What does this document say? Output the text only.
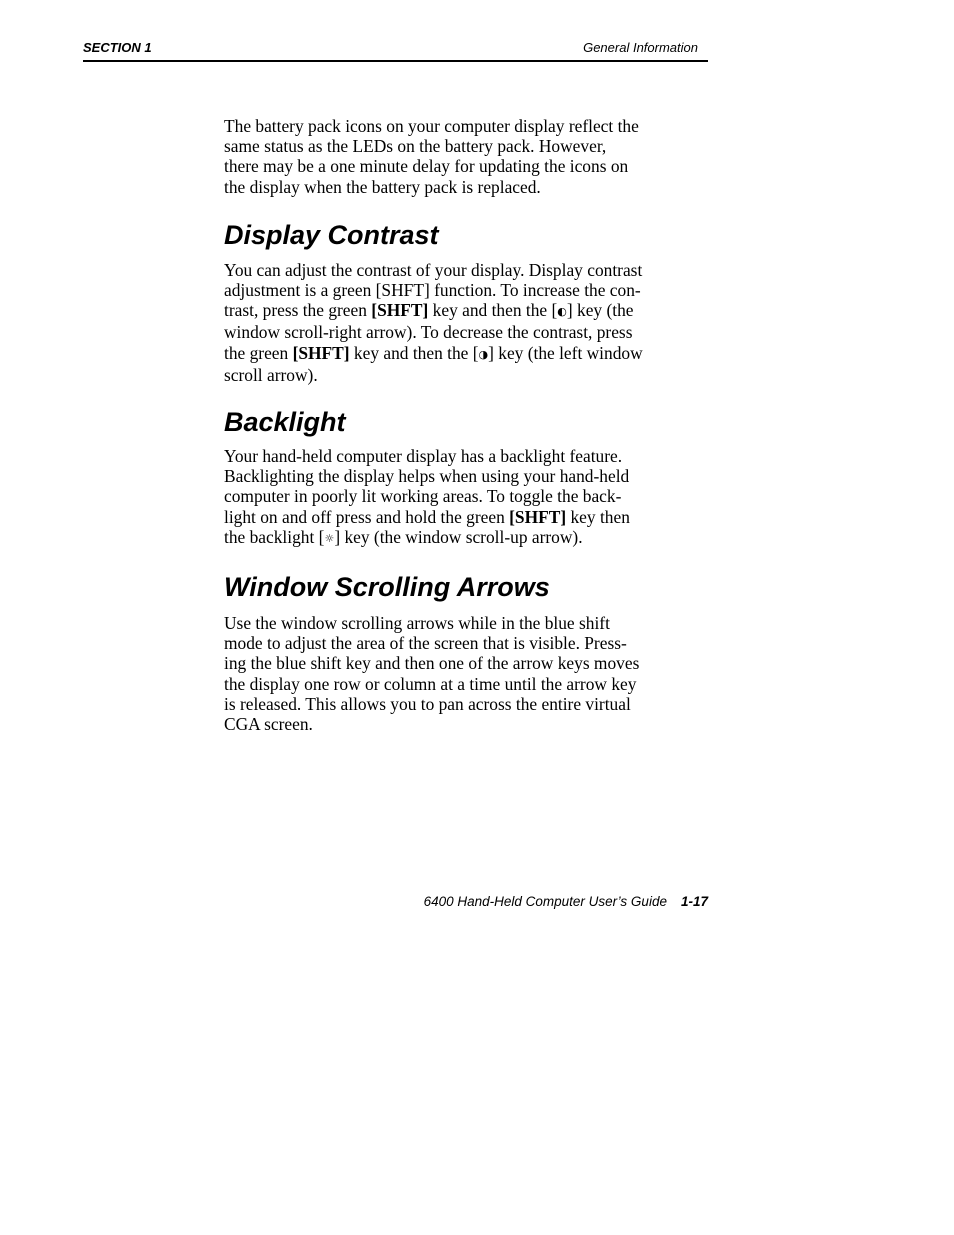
SECTION 1	General Information

The battery pack icons on your computer display reflect the
same status as the LEDs on the battery pack. However,
there may be a one minute delay for updating the icons on
the display when the battery pack is replaced.

Display Contrast

You can adjust the contrast of your display. Display contrast
adjustment is a green [SHFT] function. To increase the con-
trast, press the green [SHFT] key and then the [◐] key (the
window scroll-right arrow). To decrease the contrast, press
the green [SHFT] key and then the [◑] key (the left window
scroll arrow).

Backlight

Your hand-held computer display has a backlight feature.
Backlighting the display helps when using your hand-held
computer in poorly lit working areas. To toggle the back-
light on and off press and hold the green [SHFT] key then
the backlight [☼] key (the window scroll-up arrow).

Window Scrolling Arrows

Use the window scrolling arrows while in the blue shift
mode to adjust the area of the screen that is visible. Press-
ing the blue shift key and then one of the arrow keys moves
the display one row or column at a time until the arrow key
is released. This allows you to pan across the entire virtual
CGA screen.

6400 Hand-Held Computer User’s Guide 1-17
